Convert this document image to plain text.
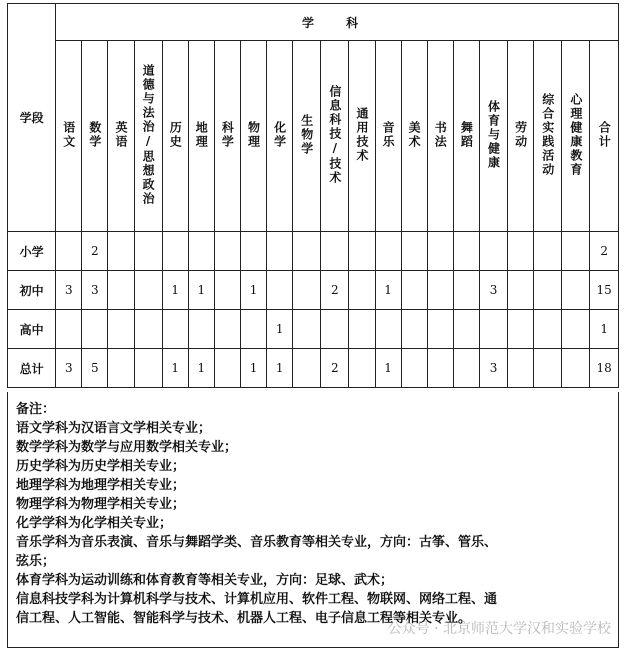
学段	学 科																				
	语文	数学	英语	道德与法治/思想政治	历史	地理	科学	物理	化学	生物学	信息科技/技术	通用技术	音乐	美术	书法	舞蹈	体育与健康	劳动	综合实践活动	心理健康教育	合计
小学		2																			2
初中	3	3			1	1		1			2		1				3				15
高中									1												1
总计	3	5			1	1		1	1		2		1				3				18
备注：
语文学科为汉语言文学相关专业；
数学学科为数学与应用数学相关专业；
历史学科为历史学相关专业；
地理学科为地理学相关专业；
物理学科为物理学相关专业；
化学学科为化学相关专业；
音乐学科为音乐表演、音乐与舞蹈学类、音乐教育等相关专业，方向：古筝、管乐、
弦乐；
体育学科为运动训练和体育教育等相关专业，方向：足球、武术；
信息科技学科为计算机科学与技术、计算机应用、软件工程、物联网、网络工程、通
信工程、人工智能、智能科学与技术、机器人工程、电子信息工程等相关专业。
公众号 · 北京师范大学汉和实验学校
